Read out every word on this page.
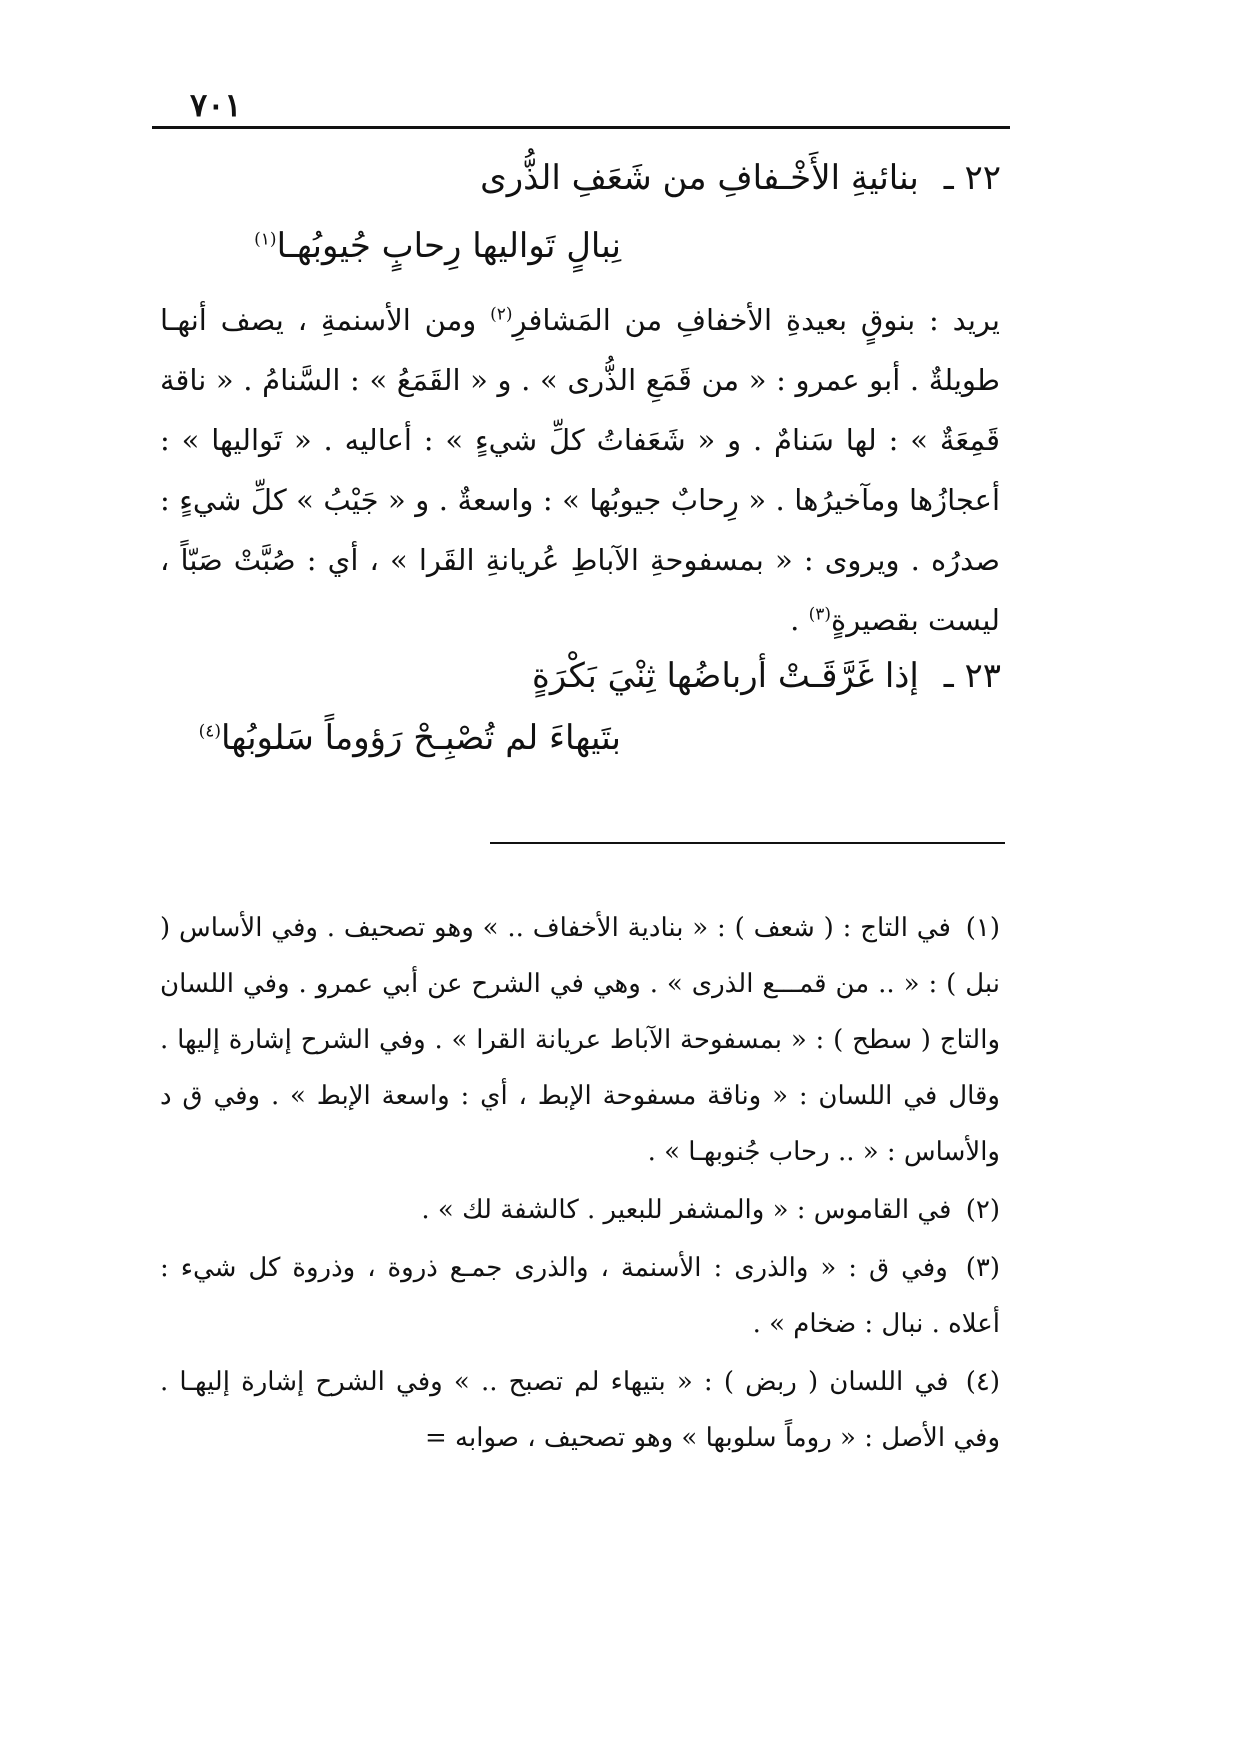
٧٠١
٢٢ ـ بنائيةِ الأَخْـفافِ من شَعَفِ الذُّرى
نِبالٍ تَواليها رِحابٍ جُيوبُهـا$^{(١)}$

يريد : بنوقٍ بعيدةِ الأخفافِ من المَشافرِ$^{(٢)}$ ومن الأسنمةِ ، يصف أنهـا طويلةٌ . أبو عمرو : « من قَمَعِ الذُّرى » . و « القَمَعُ » : السَّنامُ . « ناقة قَمِعَةٌ » : لها سَنامٌ . و « شَعَفاتُ كلِّ شيءٍ » : أعاليه . « تَواليها » : أعجازُها ومآخيرُها . « رِحابٌ جيوبُها » : واسعةٌ . و « جَيْبُ » كلِّ شيءٍ : صدرُه . ويروى : « بمسفوحةِ الآباطِ عُريانةِ القَرا » ، أي : صُبَّتْ صَبّاً ، ليست بقصيرةٍ$^{(٣)}$ .

٢٣ ـ إذا غَرَّقَـتْ أرباضُها ثِنْيَ بَكْرَةٍ
بتَيهاءَ لم تُصْبِـحْ رَؤوماً سَلوبُها$^{(٤)}$

(١) في التاج : ( شعف ) : « بنادية الأخفاف .. » وهو تصحيف . وفي الأساس ( نبل ) : « .. من قمـــع الذرى » . وهي في الشرح عن أبي عمرو . وفي اللسان والتاج ( سطح ) : « بمسفوحة الآباط عريانة القرا » . وفي الشرح إشارة إليها . وقال في اللسان : « وناقة مسفوحة الإبط ، أي : واسعة الإبط » . وفي ق د والأساس : « .. رحاب جُنوبهـا » .

(٢) في القاموس : « والمشفر للبعير . كالشفة لك » .

(٣) وفي ق : « والذرى : الأسنمة ، والذرى جمـع ذروة ، وذروة كل شيء : أعلاه . نبال : ضخام » .

(٤) في اللسان ( ربض ) : « بتيهاء لم تصبح .. » وفي الشرح إشارة إليهـا . وفي الأصل : « روماً سلوبها » وهو تصحيف ، صوابه =
